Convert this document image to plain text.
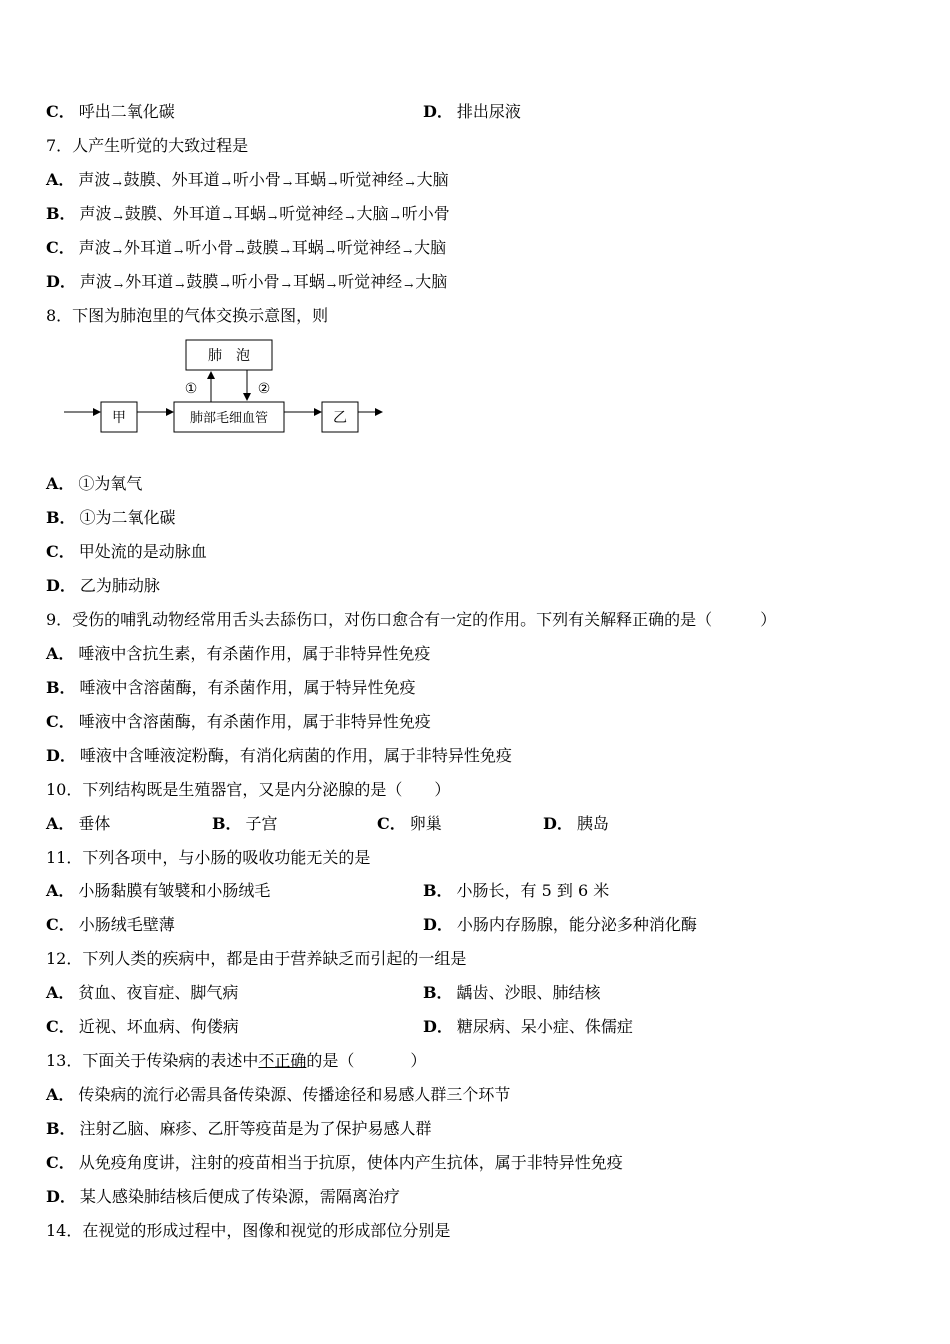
C． 呼出二氧化碳	D． 排出尿液
7．人产生听觉的大致过程是
A． 声波 → 鼓膜、外耳道 → 听小骨 → 耳蜗 → 听觉神经 → 大脑
B． 声波 → 鼓膜、外耳道 → 耳蜗 → 听觉神经 → 大脑 → 听小骨
C． 声波 → 外耳道 → 听小骨 → 鼓膜 → 耳蜗 → 听觉神经 → 大脑
D． 声波 → 外耳道 → 鼓膜 → 听小骨 → 耳蜗 → 听觉神经 → 大脑
8．下图为肺泡里的气体交换示意图，则
肺　泡
肺部毛细血管
甲	乙
①	②
A． ①为氧气
B． ①为二氧化碳
C． 甲处流的是动脉血
D． 乙为肺动脉
9．受伤的哺乳动物经常用舌头去舔伤口，对伤口愈合有一定的作用。下列有关解释正确的是（	）
A． 唾液中含抗生素，有杀菌作用，属于非特异性免疫
B． 唾液中含溶菌酶，有杀菌作用，属于特异性免疫
C． 唾液中含溶菌酶，有杀菌作用，属于非特异性免疫
D． 唾液中含唾液淀粉酶，有消化病菌的作用，属于非特异性免疫
10．下列结构既是生殖器官，又是内分泌腺的是（ ）
A． 垂体	B． 子宫	C． 卵巢	D． 胰岛
11．下列各项中，与小肠的吸收功能无关的是
A． 小肠黏膜有皱襞和小肠绒毛	B． 小肠长，有 5 到 6 米
C． 小肠绒毛壁薄	D． 小肠内存肠腺，能分泌多种消化酶
12．下列人类的疾病中，都是由于营养缺乏而引起的一组是
A． 贫血、夜盲症、脚气病	B． 龋齿、沙眼、肺结核
C． 近视、坏血病、佝偻病	D． 糖尿病、呆小症、侏儒症
13．下面关于传染病的表述中不正确的是（	）
A． 传染病的流行必需具备传染源、传播途径和易感人群三个环节
B． 注射乙脑、麻疹、乙肝等疫苗是为了保护易感人群
C． 从免疫角度讲，注射的疫苗相当于抗原，使体内产生抗体，属于非特异性免疫
D． 某人感染肺结核后便成了传染源，需隔离治疗
14．在视觉的形成过程中，图像和视觉的形成部位分别是
